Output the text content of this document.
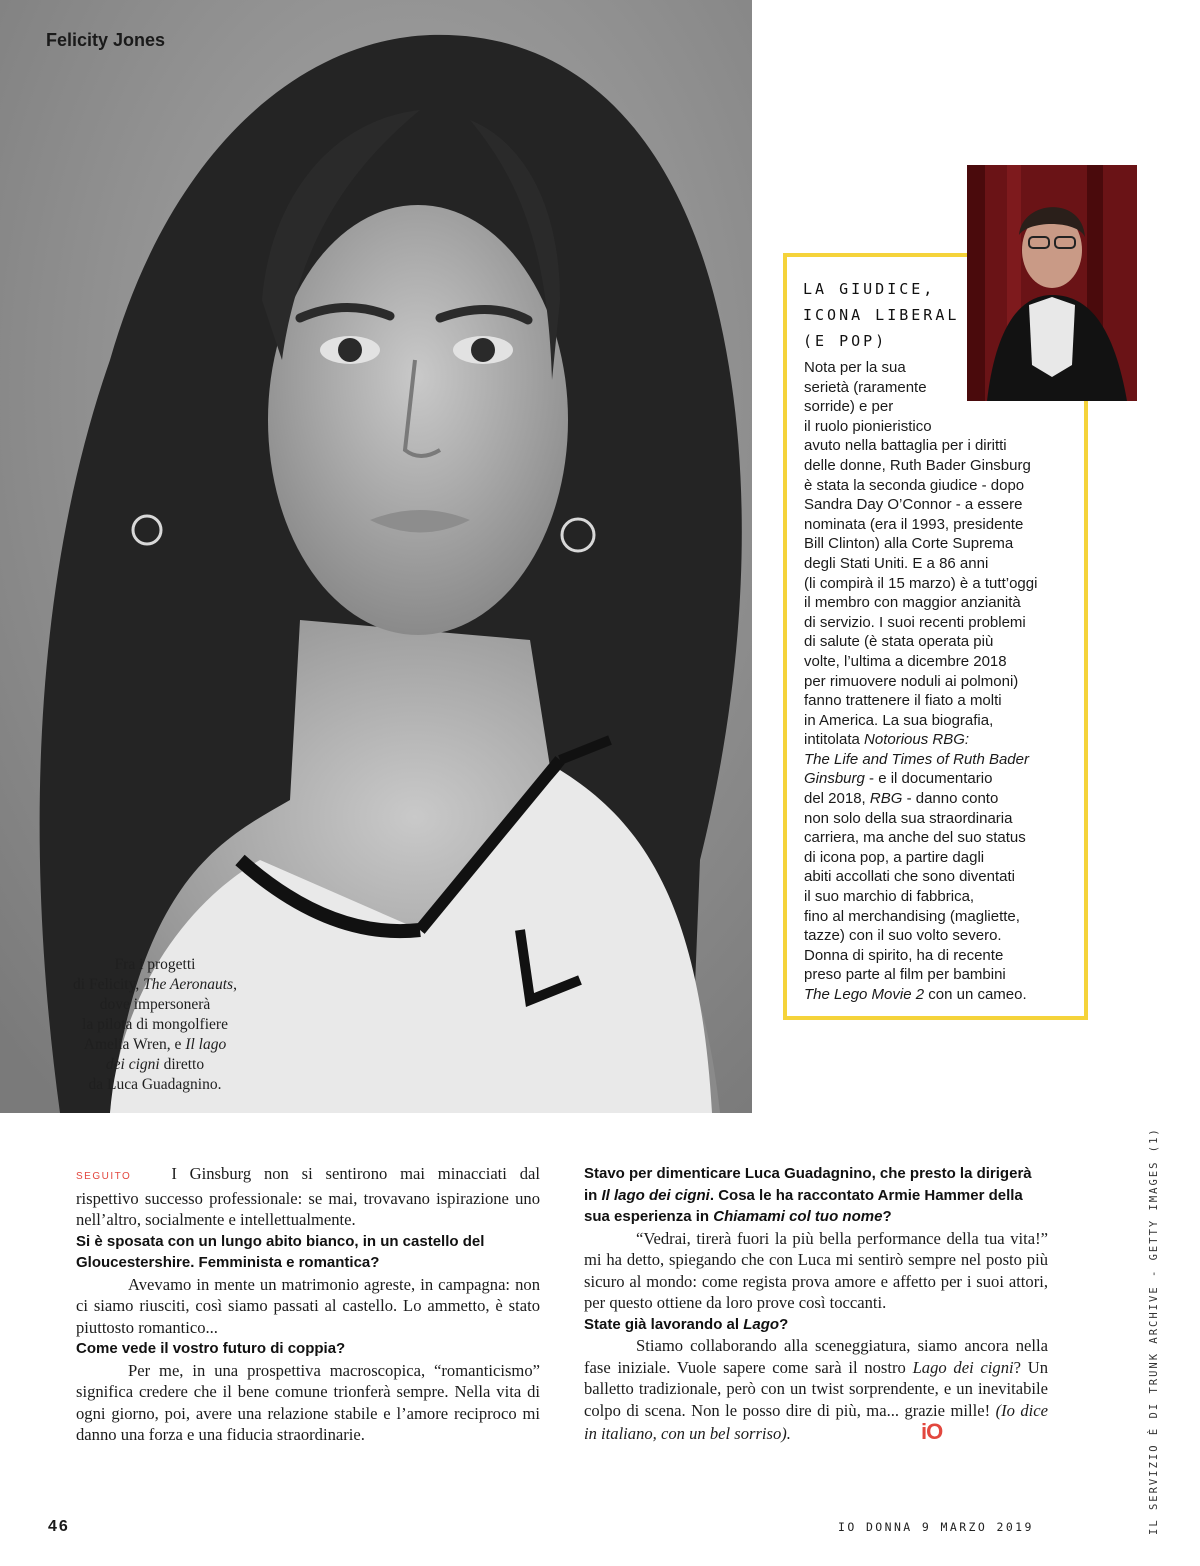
Felicity Jones
Fra i progetti
di Felicity, The Aeronauts,
dove impersonerà
la pilota di mongolfiere
Amelia Wren, e Il lago
dei cigni diretto
da Luca Guadagnino.
LA GIUDICE,
ICONA LIBERAL
(E POP)
Nota per la sua
serietà (raramente
sorride) e per
il ruolo pionieristico
avuto nella battaglia per i diritti
delle donne, Ruth Bader Ginsburg
è stata la seconda giudice - dopo
Sandra Day O’Connor - a essere
nominata (era il 1993, presidente
Bill Clinton) alla Corte Suprema
degli Stati Uniti. E a 86 anni
(li compirà il 15 marzo) è a tutt’oggi
il membro con maggior anzianità
di servizio. I suoi recenti problemi
di salute (è stata operata più
volte, l’ultima a dicembre 2018
per rimuovere noduli ai polmoni)
fanno trattenere il fiato a molti
in America. La sua biografia,
intitolata Notorious RBG:
The Life and Times of Ruth Bader
Ginsburg - e il documentario
del 2018, RBG - danno conto
non solo della sua straordinaria
carriera, ma anche del suo status
di icona pop, a partire dagli
abiti accollati che sono diventati
il suo marchio di fabbrica,
fino al merchandising (magliette,
tazze) con il suo volto severo.
Donna di spirito, ha di recente
preso parte al film per bambini
The Lego Movie 2 con un cameo.

SEGUITO I Ginsburg non si sentirono mai minacciati dal rispettivo successo professionale: se mai, trovavano ispirazione uno nell’altro, socialmente e intellettualmente.

Si è sposata con un lungo abito bianco, in un castello del Gloucestershire. Femminista e romantica?

Avevamo in mente un matrimonio agreste, in campagna: non ci siamo riusciti, così siamo passati al castello. Lo ammetto, è stato piuttosto romantico...

Come vede il vostro futuro di coppia?

Per me, in una prospettiva macroscopica, “romanticismo” significa credere che il bene comune trionferà sempre. Nella vita di ogni giorno, poi, avere una relazione stabile e l’amore reciproco mi danno una forza e una fiducia straordinarie.

Stavo per dimenticare Luca Guadagnino, che presto la dirigerà in Il lago dei cigni. Cosa le ha raccontato Armie Hammer della sua esperienza in Chiamami col tuo nome?

“Vedrai, tirerà fuori la più bella performance della tua vita!” mi ha detto, spiegando che con Luca mi sentirò sempre nel posto più sicuro al mondo: come regista prova amore e affetto per i suoi attori, per questo ottiene da loro prove così toccanti.

State già lavorando al Lago?

Stiamo collaborando alla sceneggiatura, siamo ancora nella fase iniziale. Vuole sapere come sarà il nostro Lago dei cigni? Un balletto tradizionale, però con un twist sorprendente, e un inevitabile colpo di scena. Non le posso dire di più, ma... grazie mille! (Io dice in italiano, con un bel sorriso).	iO

46	IO DONNA 9 MARZO 2019	IL SERVIZIO È DI TRUNK ARCHIVE - GETTY IMAGES (1)
